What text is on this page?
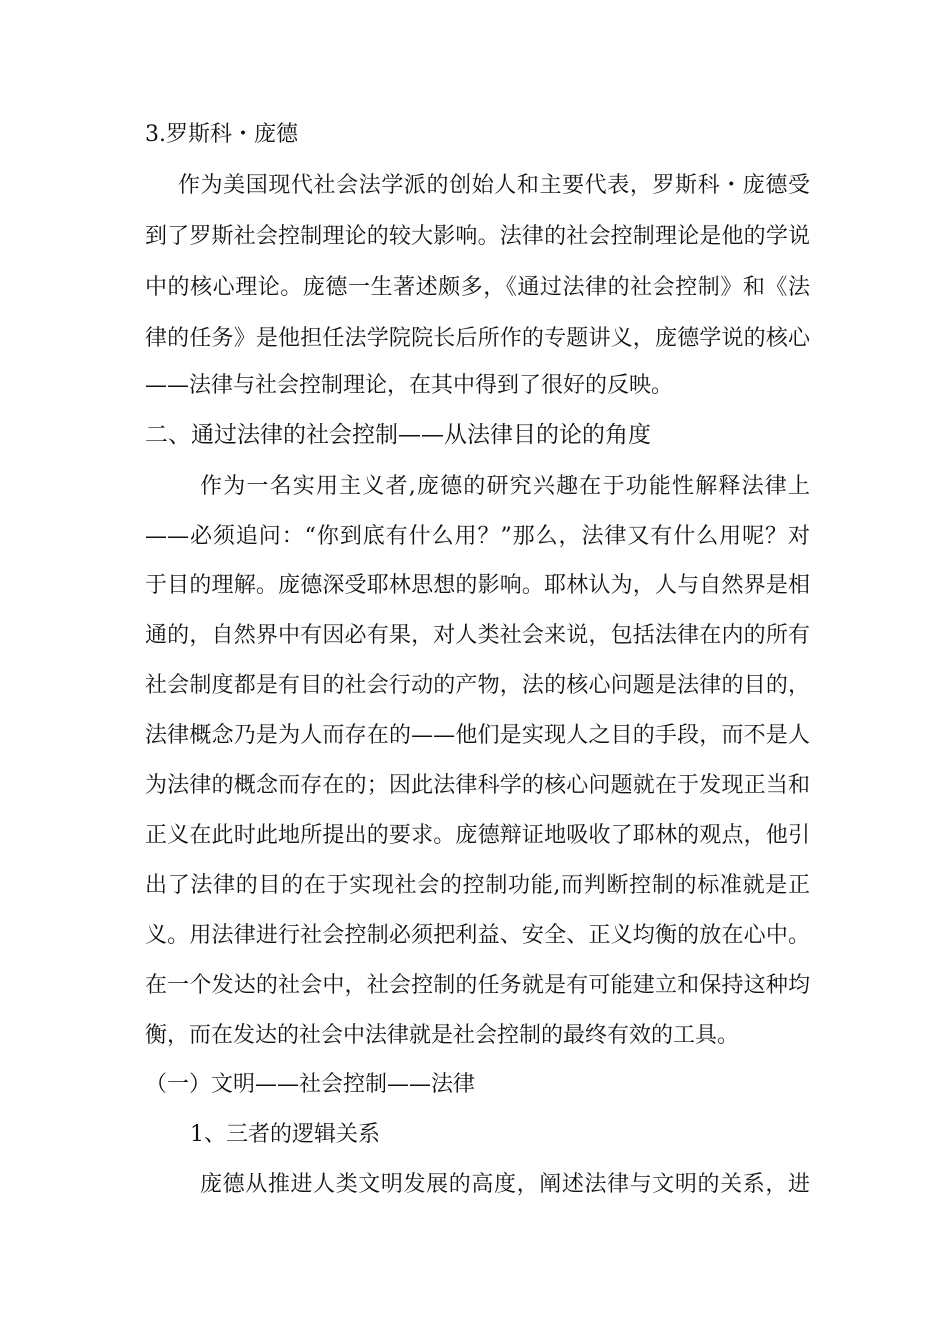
3.罗斯科・庞德
作为美国现代社会法学派的创始人和主要代表，罗斯科・庞德受
到了罗斯社会控制理论的较大影响。法律的社会控制理论是他的学说
中的核心理论。庞德一生著述颇多，《通过法律的社会控制》和《法
律的任务》是他担任法学院院长后所作的专题讲义，庞德学说的核心
——法律与社会控制理论，在其中得到了很好的反映。
二、通过法律的社会控制——从法律目的论的角度
作为一名实用主义者,庞德的研究兴趣在于功能性解释法律上
——必须追问：“你到底有什么用？”那么，法律又有什么用呢？对
于目的理解。庞德深受耶林思想的影响。耶林认为，人与自然界是相
通的，自然界中有因必有果，对人类社会来说，包括法律在内的所有
社会制度都是有目的社会行动的产物，法的核心问题是法律的目的，
法律概念乃是为人而存在的——他们是实现人之目的手段，而不是人
为法律的概念而存在的；因此法律科学的核心问题就在于发现正当和
正义在此时此地所提出的要求。庞德辩证地吸收了耶林的观点，他引
出了法律的目的在于实现社会的控制功能,而判断控制的标准就是正
义。用法律进行社会控制必须把利益、安全、正义均衡的放在心中。
在一个发达的社会中，社会控制的任务就是有可能建立和保持这种均
衡，而在发达的社会中法律就是社会控制的最终有效的工具。
（一）文明——社会控制——法律
1、三者的逻辑关系
庞德从推进人类文明发展的高度，阐述法律与文明的关系，进
